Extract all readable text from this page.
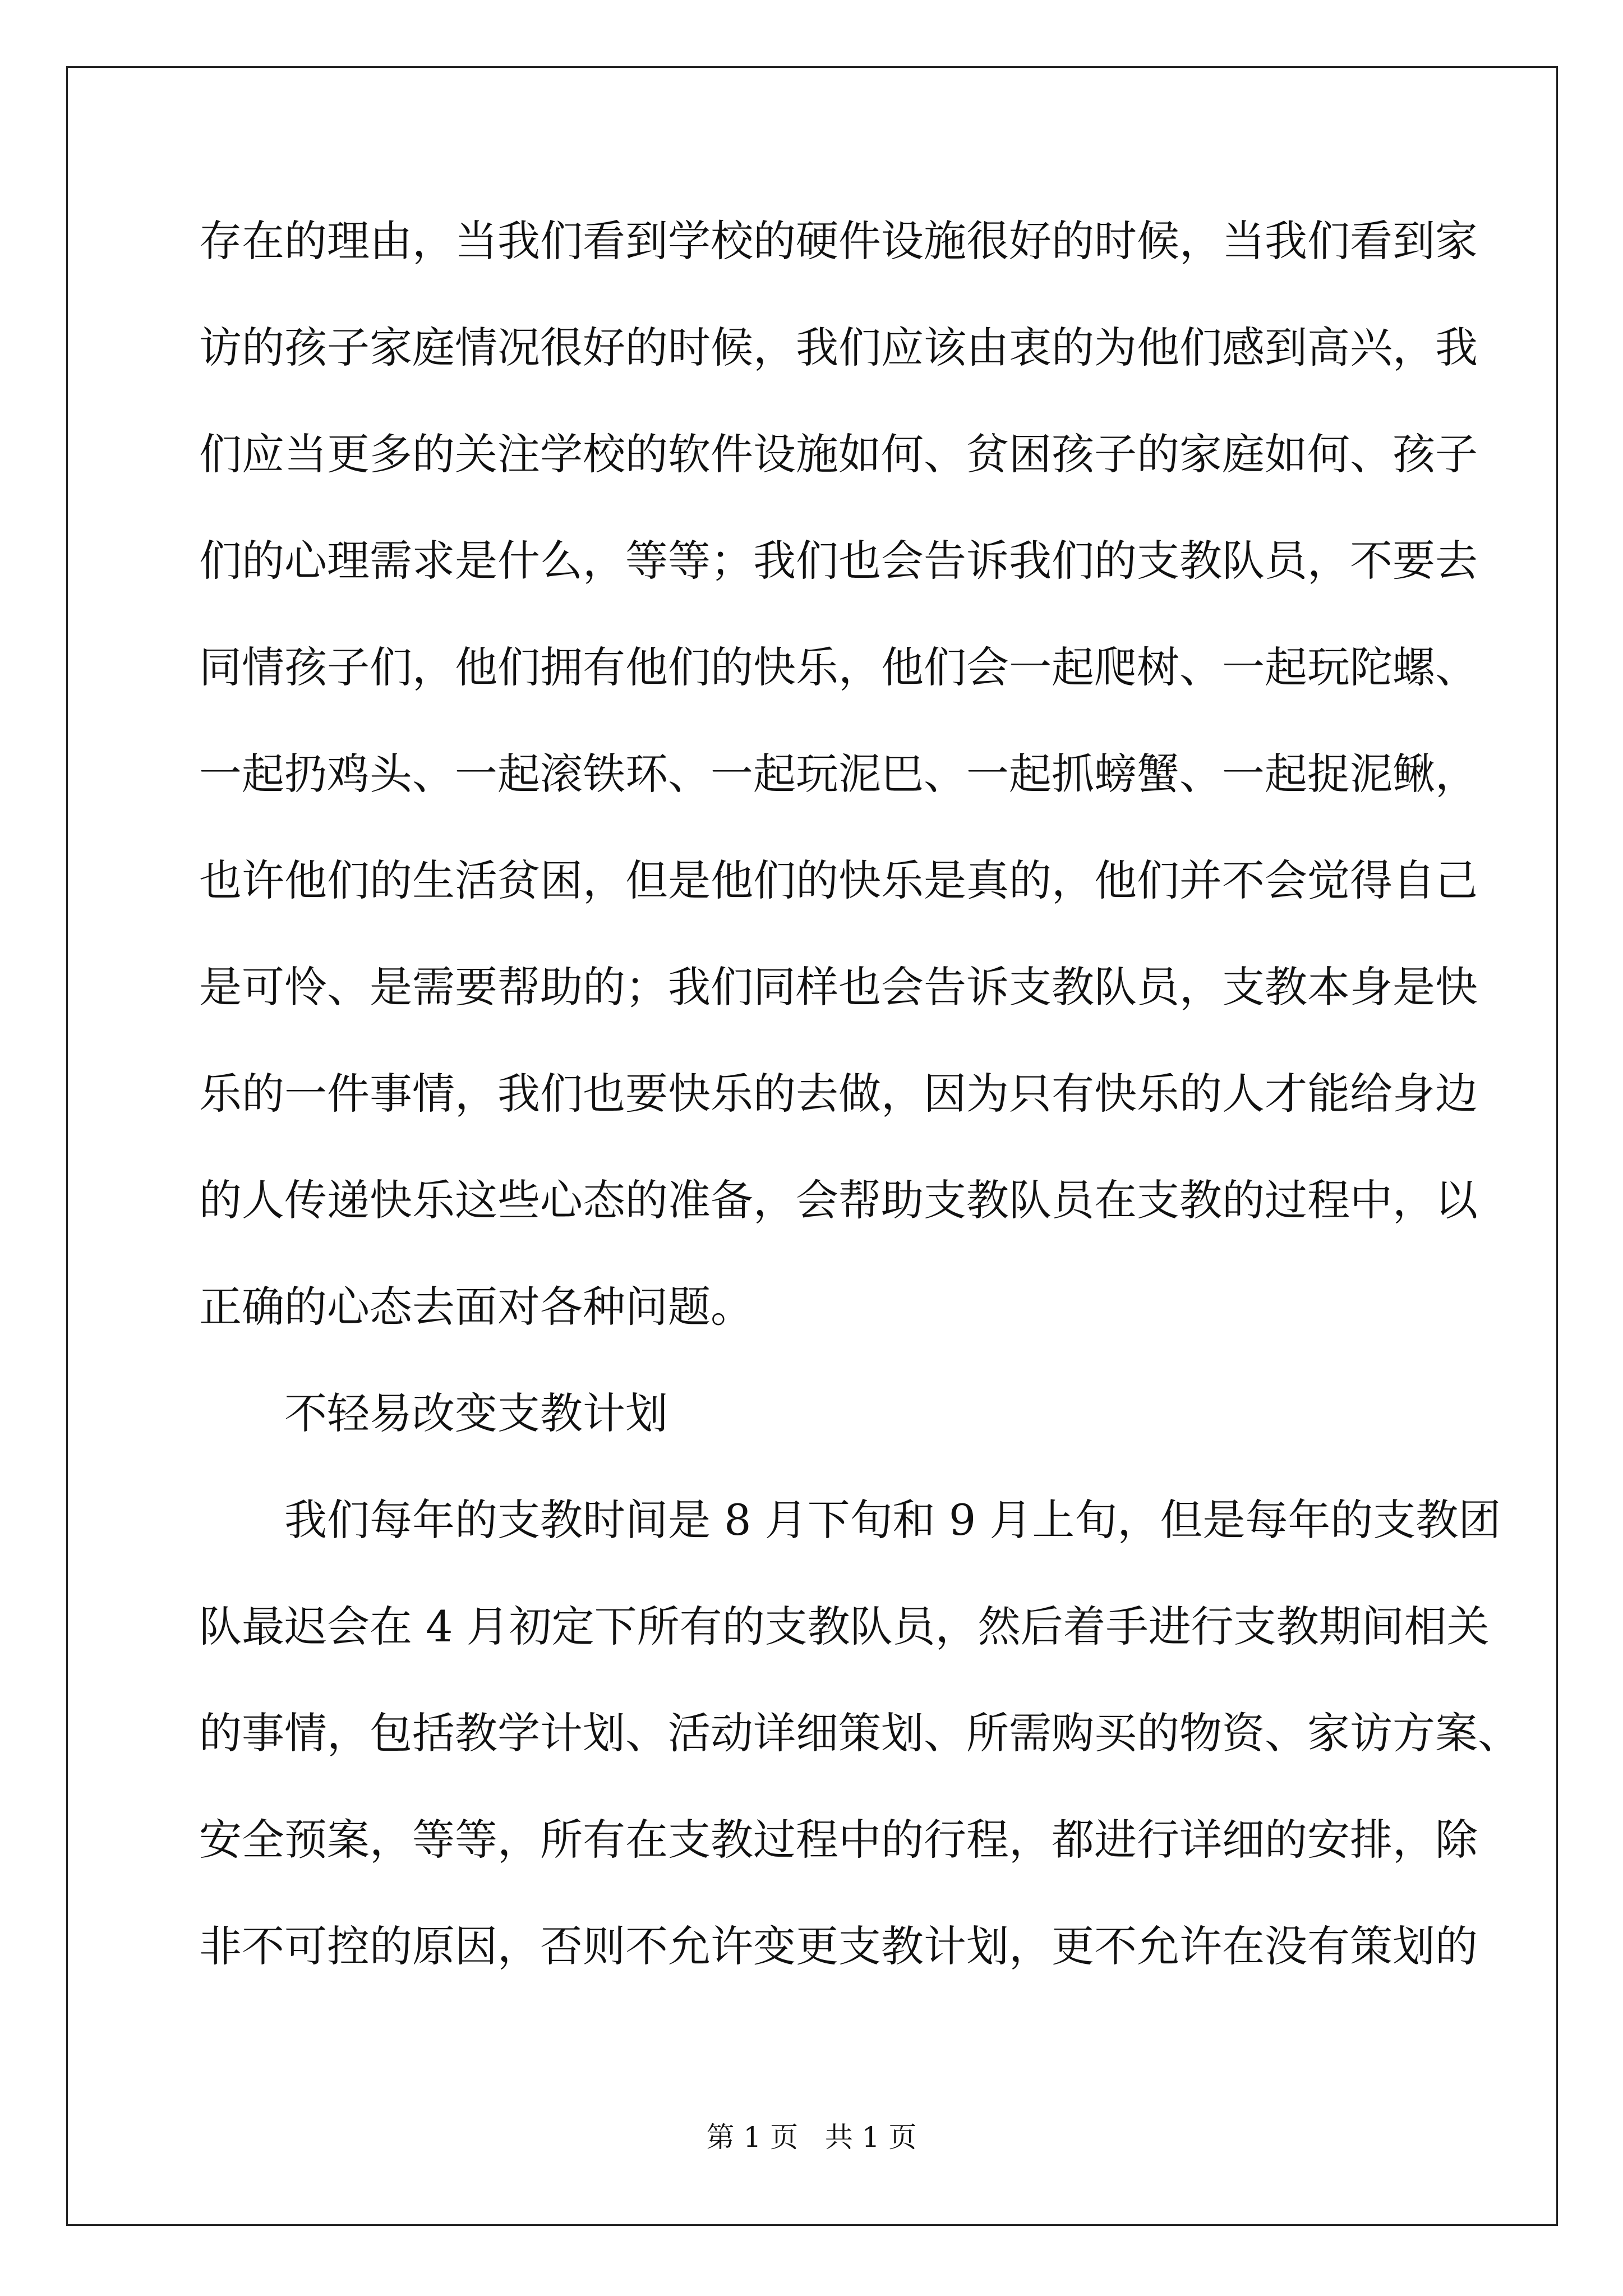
存在的理由，当我们看到学校的硬件设施很好的时候，当我们看到家
访的孩子家庭情况很好的时候，我们应该由衷的为他们感到高兴，我
们应当更多的关注学校的软件设施如何、贫困孩子的家庭如何、孩子
们的心理需求是什么，等等；我们也会告诉我们的支教队员，不要去
同情孩子们，他们拥有他们的快乐，他们会一起爬树、一起玩陀螺、
一起扔鸡头、一起滚铁环、一起玩泥巴、一起抓螃蟹、一起捉泥鳅，
也许他们的生活贫困，但是他们的快乐是真的，他们并不会觉得自己
是可怜、是需要帮助的；我们同样也会告诉支教队员，支教本身是快
乐的一件事情，我们也要快乐的去做，因为只有快乐的人才能给身边
的人传递快乐这些心态的准备，会帮助支教队员在支教的过程中，以
正确的心态去面对各种问题。
不轻易改变支教计划
我们每年的支教时间是 8 月下旬和 9 月上旬，但是每年的支教团
队最迟会在 4 月初定下所有的支教队员，然后着手进行支教期间相关
的事情，包括教学计划、活动详细策划、所需购买的物资、家访方案、
安全预案，等等，所有在支教过程中的行程，都进行详细的安排，除
非不可控的原因，否则不允许变更支教计划，更不允许在没有策划的
第 1 页   共 1 页
